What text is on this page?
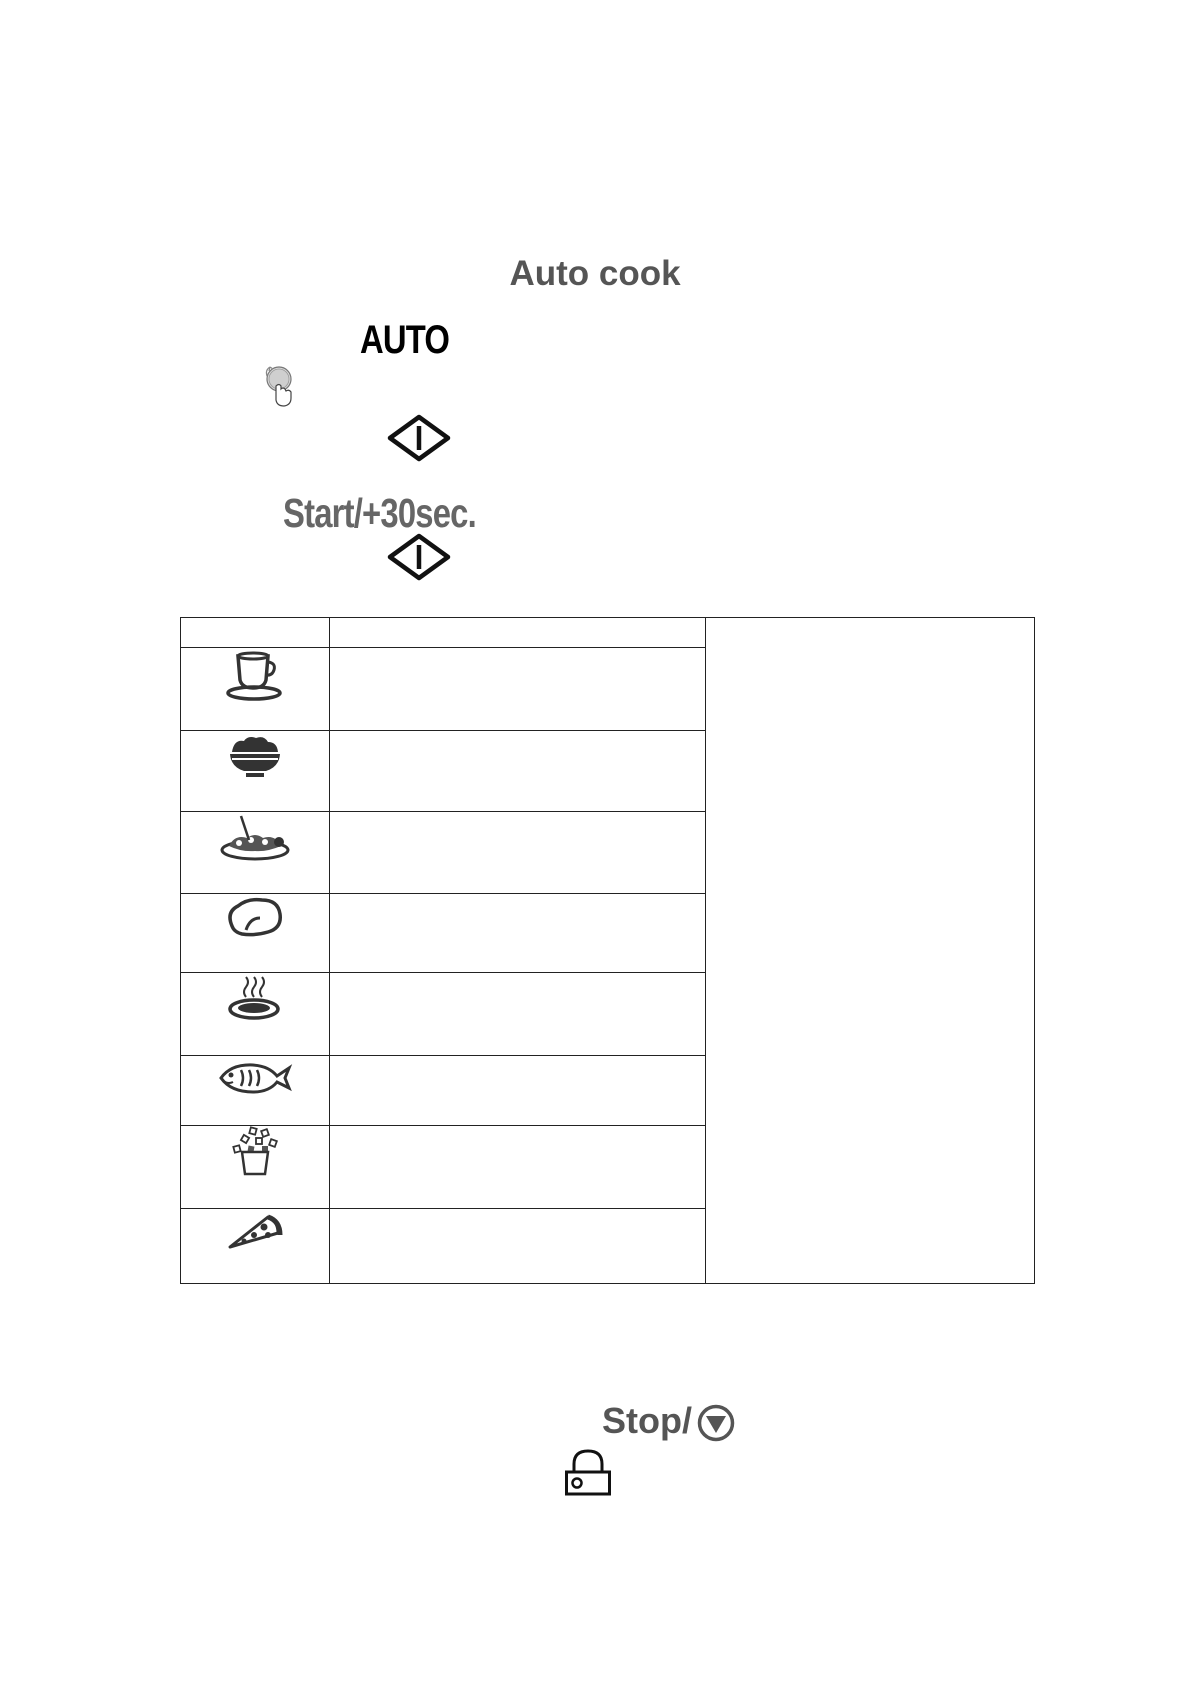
Auto cook
AUTO
Start/+30sec.

Stop/
